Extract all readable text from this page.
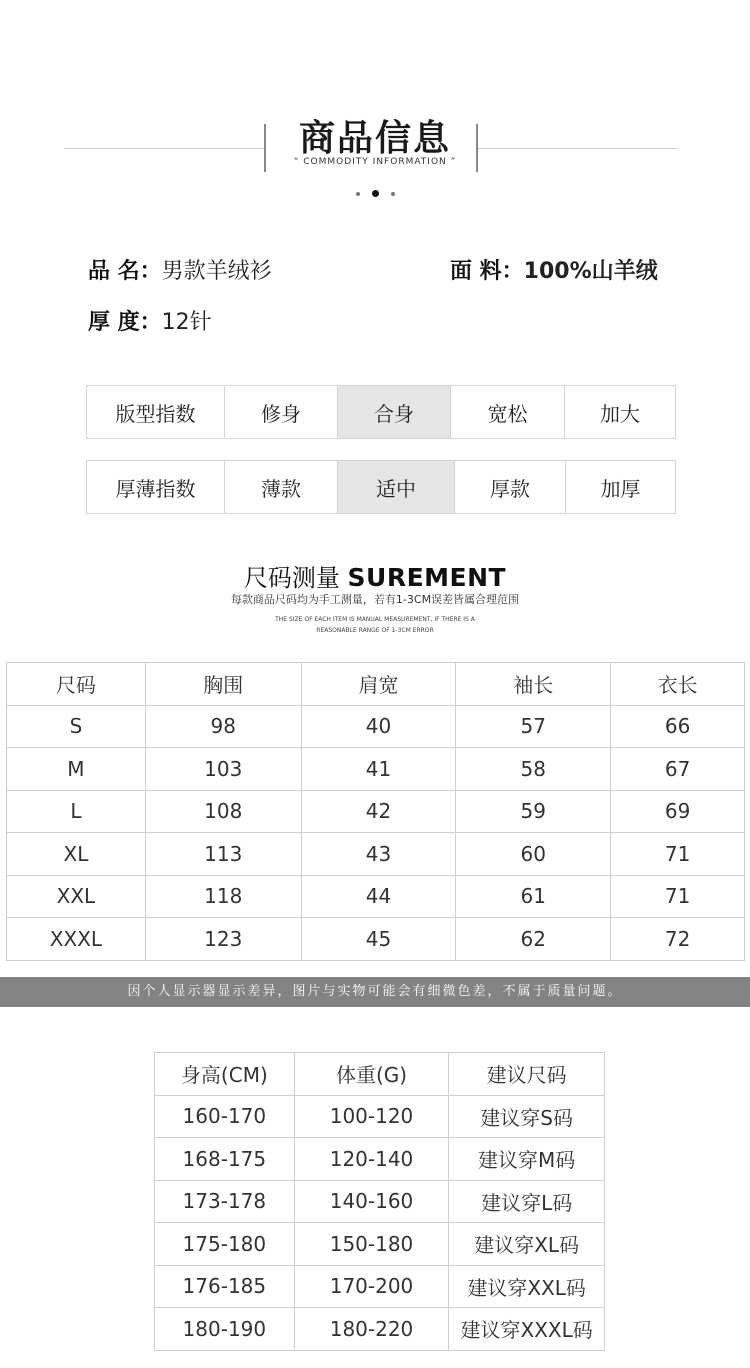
商品信息
“ COMMODITY INFORMATION ”
品 名：男款羊绒衫	面 料：100%山羊绒
厚 度：12针
版型指数	修身	合身	宽松	加大
厚薄指数	薄款	适中	厚款	加厚
尺码测量 SUREMENT
每款商品尺码均为手工测量，若有1-3CM误差皆属合理范围
THE SIZE OF EACH ITEM IS MANUAL MEASUREMENT, IF THERE IS A
REASONABLE RANGE OF 1-3CM ERROR
尺码	胸围	肩宽	袖长	衣长
S	98	40	57	66
M	103	41	58	67
L	108	42	59	69
XL	113	43	60	71
XXL	118	44	61	71
XXXL	123	45	62	72
因个人显示器显示差异，图片与实物可能会有细微色差，不属于质量问题。
身高(CM)	体重(G)	建议尺码
160-170	100-120	建议穿S码
168-175	120-140	建议穿M码
173-178	140-160	建议穿L码
175-180	150-180	建议穿XL码
176-185	170-200	建议穿XXL码
180-190	180-220	建议穿XXXL码
